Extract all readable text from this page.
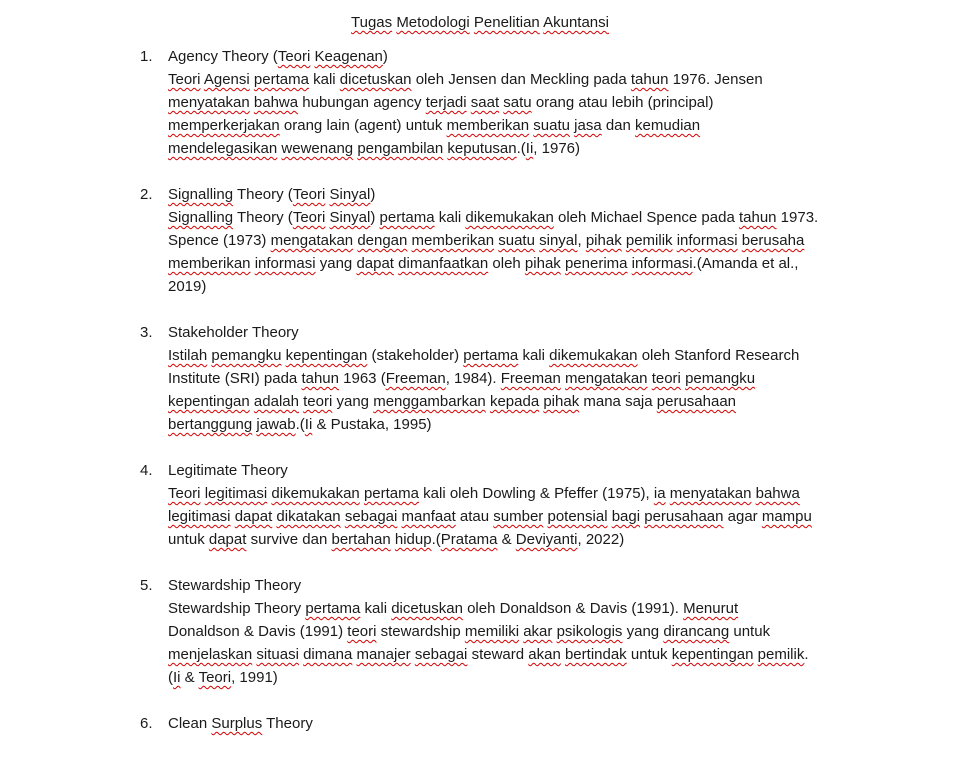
Tugas Metodologi Penelitian Akuntansi
1.	Agency Theory (Teori Keagenan)
Teori Agensi pertama kali dicetuskan oleh Jensen dan Meckling pada tahun 1976. Jensen
menyatakan bahwa hubungan agency terjadi saat satu orang atau lebih (principal)
memperkerjakan orang lain (agent) untuk memberikan suatu jasa dan kemudian
mendelegasikan wewenang pengambilan keputusan.(Ii, 1976)
2.	Signalling Theory (Teori Sinyal)
Signalling Theory (Teori Sinyal) pertama kali dikemukakan oleh Michael Spence pada tahun 1973.
Spence (1973) mengatakan dengan memberikan suatu sinyal, pihak pemilik informasi berusaha
memberikan informasi yang dapat dimanfaatkan oleh pihak penerima informasi.(Amanda et al.,
2019)
3.	Stakeholder Theory
Istilah pemangku kepentingan (stakeholder) pertama kali dikemukakan oleh Stanford Research
Institute (SRI) pada tahun 1963 (Freeman, 1984). Freeman mengatakan teori pemangku
kepentingan adalah teori yang menggambarkan kepada pihak mana saja perusahaan
bertanggung jawab.(Ii & Pustaka, 1995)
4.	Legitimate Theory
Teori legitimasi dikemukakan pertama kali oleh Dowling & Pfeffer (1975), ia menyatakan bahwa
legitimasi dapat dikatakan sebagai manfaat atau sumber potensial bagi perusahaan agar mampu
untuk dapat survive dan bertahan hidup.(Pratama & Deviyanti, 2022)
5.	Stewardship Theory
Stewardship Theory pertama kali dicetuskan oleh Donaldson & Davis (1991). Menurut
Donaldson & Davis (1991) teori stewardship memiliki akar psikologis yang dirancang untuk
menjelaskan situasi dimana manajer sebagai steward akan bertindak untuk kepentingan pemilik.
(Ii & Teori, 1991)
6.	Clean Surplus Theory
